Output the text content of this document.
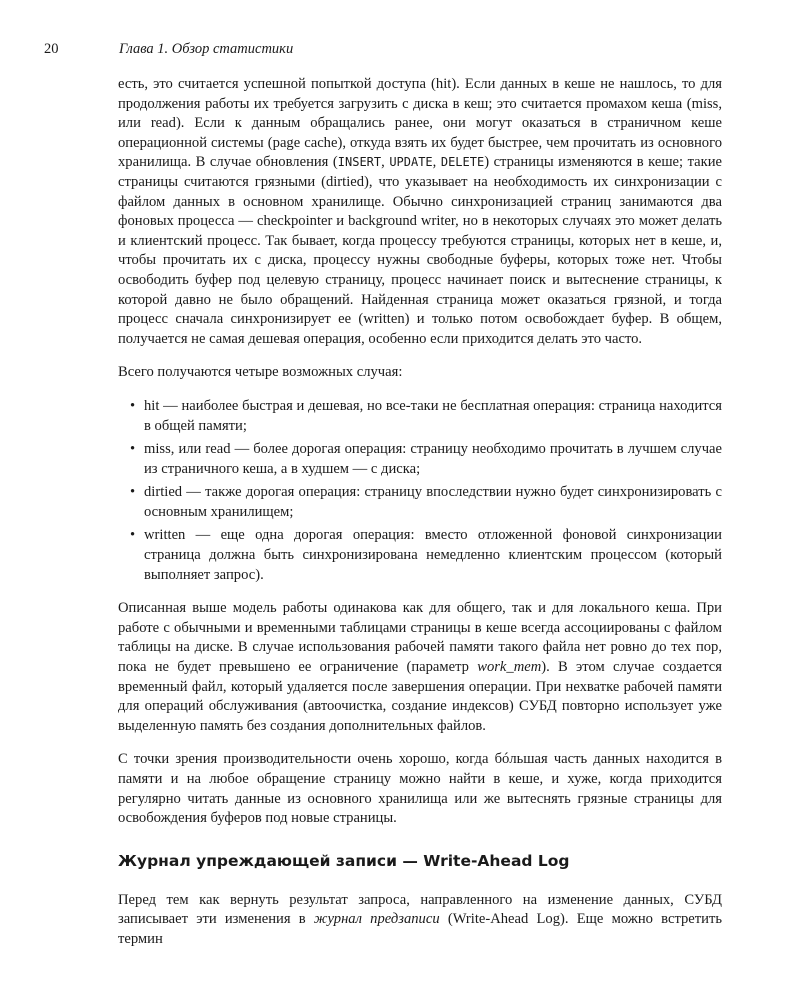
20	Глава 1. Обзор статистики

есть, это считается успешной попыткой доступа (hit). Если данных в кеше не нашлось, то для продолжения работы их требуется загрузить с диска в кеш; это считается промахом кеша (miss, или read). Если к данным обращались ранее, они могут оказаться в страничном кеше операционной системы (page cache), откуда взять их будет быстрее, чем прочитать из основного хранилища. В случае обновления (INSERT, UPDATE, DELETE) страницы изменяются в кеше; такие страницы считаются грязными (dirtied), что указывает на необходимость их синхронизации с файлом данных в основном хранилище. Обычно синхронизацией страниц занимаются два фоновых процесса — checkpointer и background writer, но в некоторых случаях это может делать и клиентский процесс. Так бывает, когда процессу требуются страницы, которых нет в кеше, и, чтобы прочитать их с диска, процессу нужны свободные буферы, которых тоже нет. Чтобы освободить буфер под целевую страницу, процесс начинает поиск и вытеснение страницы, к которой давно не было обращений. Найденная страница может оказаться грязной, и тогда процесс сначала синхронизирует ее (written) и только потом освобождает буфер. В общем, получается не самая дешевая операция, особенно если приходится делать это часто.

Всего получаются четыре возможных случая:

• hit — наиболее быстрая и дешевая, но все-таки не бесплатная операция: страница находится в общей памяти;
• miss, или read — более дорогая операция: страницу необходимо прочитать в лучшем случае из страничного кеша, а в худшем — с диска;
• dirtied — также дорогая операция: страницу впоследствии нужно будет синхронизировать с основным хранилищем;
• written — еще одна дорогая операция: вместо отложенной фоновой синхронизации страница должна быть синхронизирована немедленно клиентским процессом (который выполняет запрос).

Описанная выше модель работы одинакова как для общего, так и для локального кеша. При работе с обычными и временными таблицами страницы в кеше всегда ассоциированы с файлом таблицы на диске. В случае использования рабочей памяти такого файла нет ровно до тех пор, пока не будет превышено ее ограничение (параметр work_mem). В этом случае создается временный файл, который удаляется после завершения операции. При нехватке рабочей памяти для операций обслуживания (автоочистка, создание индексов) СУБД повторно использует уже выделенную память без создания дополнительных файлов.

С точки зрения производительности очень хорошо, когда бóльшая часть данных находится в памяти и на любое обращение страницу можно найти в кеше, и хуже, когда приходится регулярно читать данные из основного хранилища или же вытеснять грязные страницы для освобождения буферов под новые страницы.

Журнал упреждающей записи — Write-Ahead Log

Перед тем как вернуть результат запроса, направленного на изменение данных, СУБД записывает эти изменения в журнал предзаписи (Write-Ahead Log). Еще можно встретить термин
